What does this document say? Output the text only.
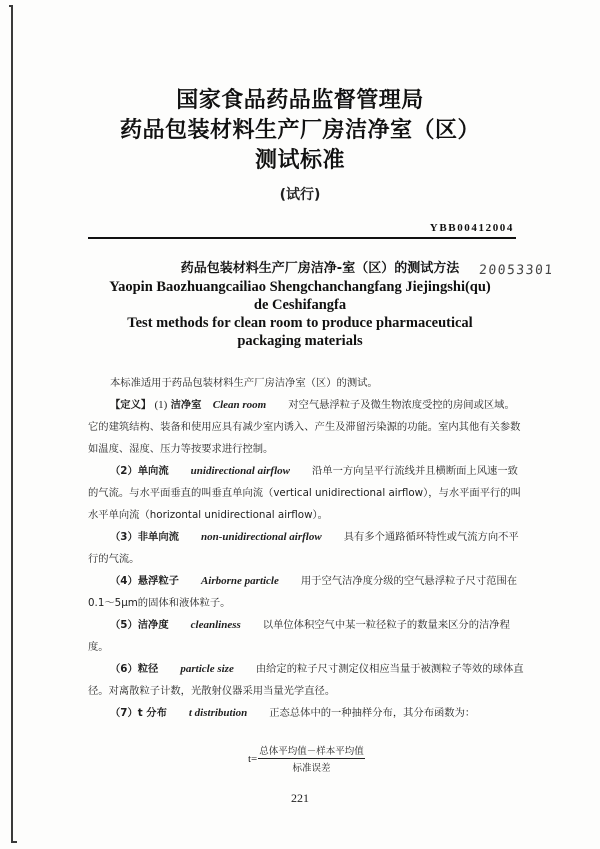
国家食品药品监督管理局
药品包装材料生产厂房洁净室（区）
测试标准
(试行)
YBB00412004
药品包装材料生产厂房洁净-室（区）的测试方法
Yaopin Baozhuangcailiao Shengchanchangfang Jiejingshi(qu)
de Ceshifangfa
Test methods for clean room to produce pharmaceutical
packaging materials
20053301

本标准适用于药品包装材料生产厂房洁净室（区）的测试。

【定义】 (1) 洁净室 Clean room 对空气悬浮粒子及微生物浓度受控的房间或区域。它的建筑结构、装备和使用应具有减少室内诱入、产生及滞留污染源的功能。室内其他有关参数如温度、湿度、压力等按要求进行控制。

（2）单向流 unidirectional airflow 沿单一方向呈平行流线并且横断面上风速一致的气流。与水平面垂直的叫垂直单向流（vertical unidirectional airflow），与水平面平行的叫水平单向流（horizontal unidirectional airflow）。

（3）非单向流 non-unidirectional airflow 具有多个通路循环特性或气流方向不平行的气流。

（4）悬浮粒子 Airborne particle 用于空气洁净度分级的空气悬浮粒子尺寸范围在0.1～5μm的固体和液体粒子。

（5）洁净度 cleanliness 以单位体积空气中某一粒径粒子的数量来区分的洁净程度。

（6）粒径 particle size 由给定的粒子尺寸测定仪相应当量于被测粒子等效的球体直径。对离散粒子计数，光散射仪器采用当量光学直径。

（7）t 分布 t distribution 正态总体中的一种抽样分布，其分布函数为：

$t= \frac{\text{总体平均值－样本平均值}}{\text{标准误差}}$
221
